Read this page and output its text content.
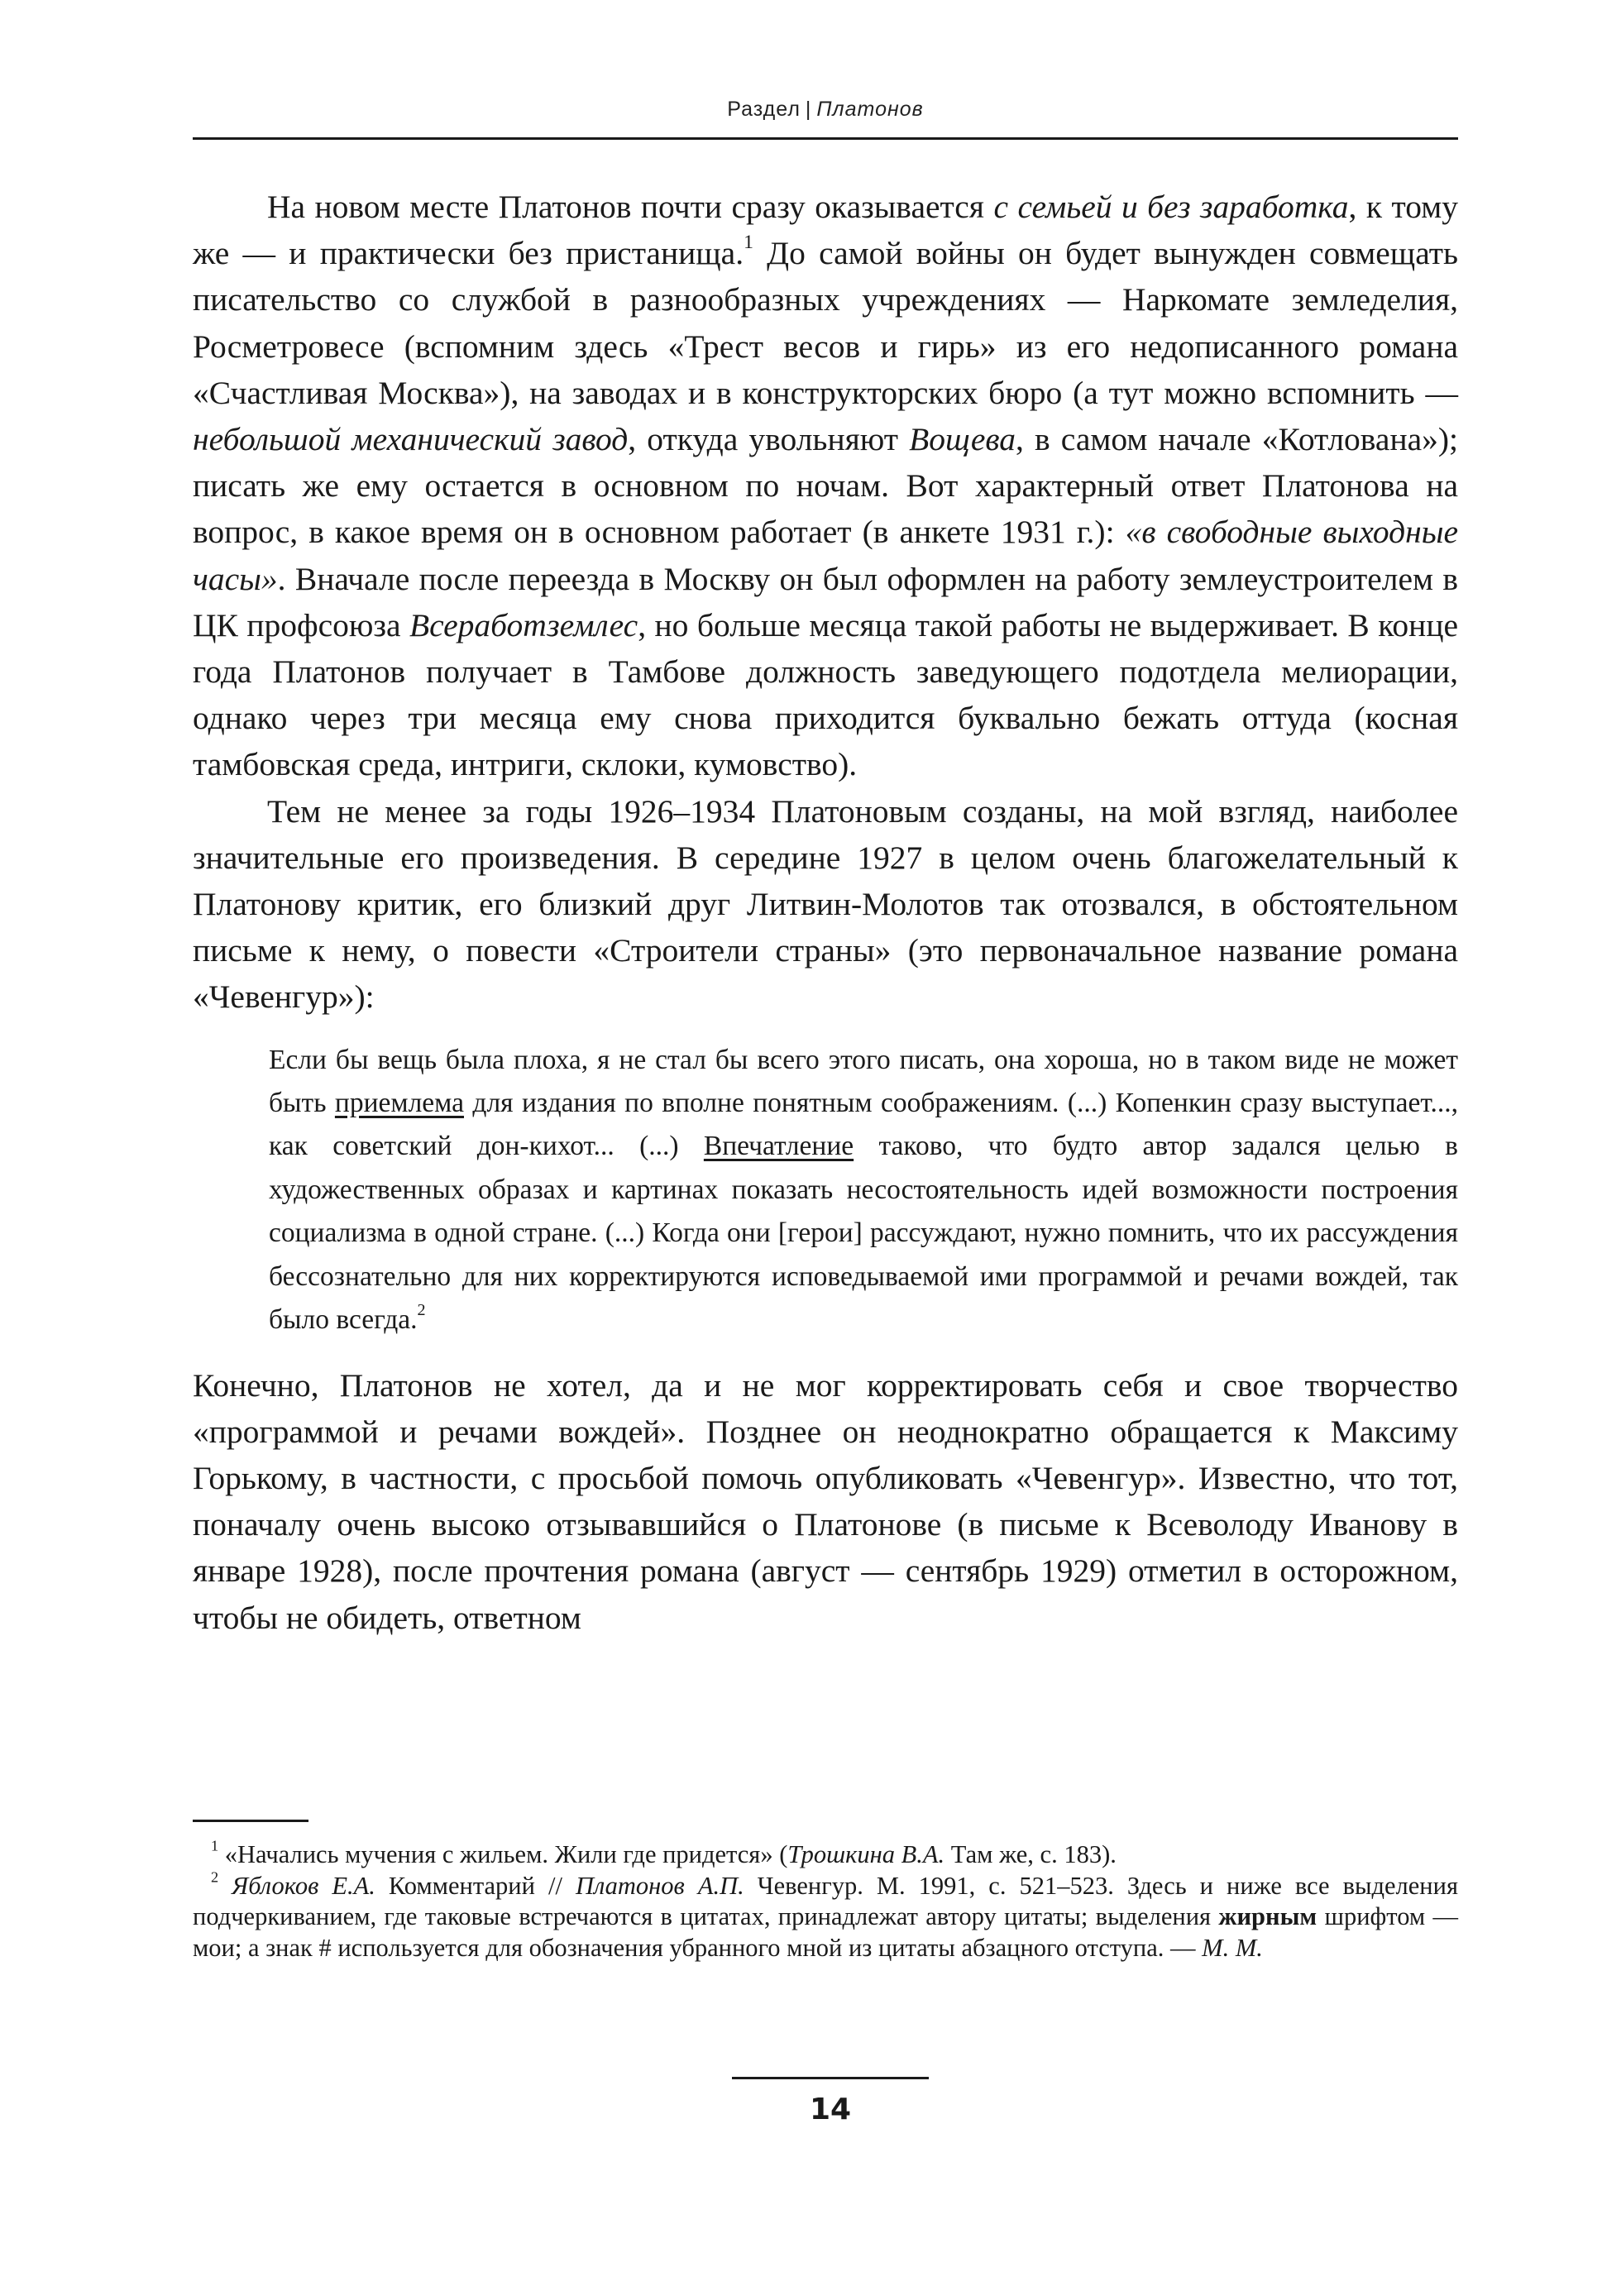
Раздел | Платонов

На новом месте Платонов почти сразу оказывается с семьей и без заработка, к тому же — и практически без пристанища.$^1$ До самой войны он будет вынужден совмещать писательство со службой в разнообразных учреждениях — Наркомате земледелия, Росметровесе (вспомним здесь «Трест весов и гирь» из его недописанного романа «Счастливая Москва»), на заводах и в конструкторских бюро (а тут можно вспомнить — небольшой механический завод, откуда увольняют Вощева, в самом начале «Котлована»); писать же ему остается в основном по ночам. Вот характерный ответ Платонова на вопрос, в какое время он в основном работает (в анкете 1931 г.): «в свободные выходные часы». Вначале после переезда в Москву он был оформлен на работу землеустроителем в ЦК профсоюза Всеработземлес, но больше месяца такой работы не выдерживает. В конце года Платонов получает в Тамбове должность заведующего подотдела мелиорации, однако через три месяца ему снова приходится буквально бежать оттуда (косная тамбовская среда, интриги, склоки, кумовство).

Тем не менее за годы 1926–1934 Платоновым созданы, на мой взгляд, наиболее значительные его произведения. В середине 1927 в целом очень благожелательный к Платонову критик, его близкий друг Литвин-Молотов так отозвался, в обстоятельном письме к нему, о повести «Строители страны» (это первоначальное название романа «Чевенгур»):

Если бы вещь была плоха, я не стал бы всего этого писать, она хороша, но в таком виде не может быть приемлема для издания по вполне понятным соображениям. (...) Копенкин сразу выступает..., как советский дон-кихот... (...) Впечатление таково, что будто автор задался целью в художественных образах и картинах показать несостоятельность идей возможности построения социализма в одной стране. (...) Когда они [герои] рассуждают, нужно помнить, что их рассуждения бессознательно для них корректируются исповедываемой ими программой и речами вождей, так было всегда.$^2$

Конечно, Платонов не хотел, да и не мог корректировать себя и свое творчество «программой и речами вождей». Позднее он неоднократно обращается к Максиму Горькому, в частности, с просьбой помочь опубликовать «Чевенгур». Известно, что тот, поначалу очень высоко отзывавшийся о Платонове (в письме к Всеволоду Иванову в январе 1928), после прочтения романа (август — сентябрь 1929) отметил в осторожном, чтобы не обидеть, ответном

$^1$ «Начались мучения с жильем. Жили где придется» (Трошкина В.А. Там же, с. 183).

$^2$ Яблоков Е.А. Комментарий // Платонов А.П. Чевенгур. М. 1991, с. 521–523. Здесь и ниже все выделения подчеркиванием, где таковые встречаются в цитатах, принадлежат автору цитаты; выделения жирным шрифтом — мои; а знак # используется для обозначения убранного мной из цитаты абзацного отступа. — М. М.

14
